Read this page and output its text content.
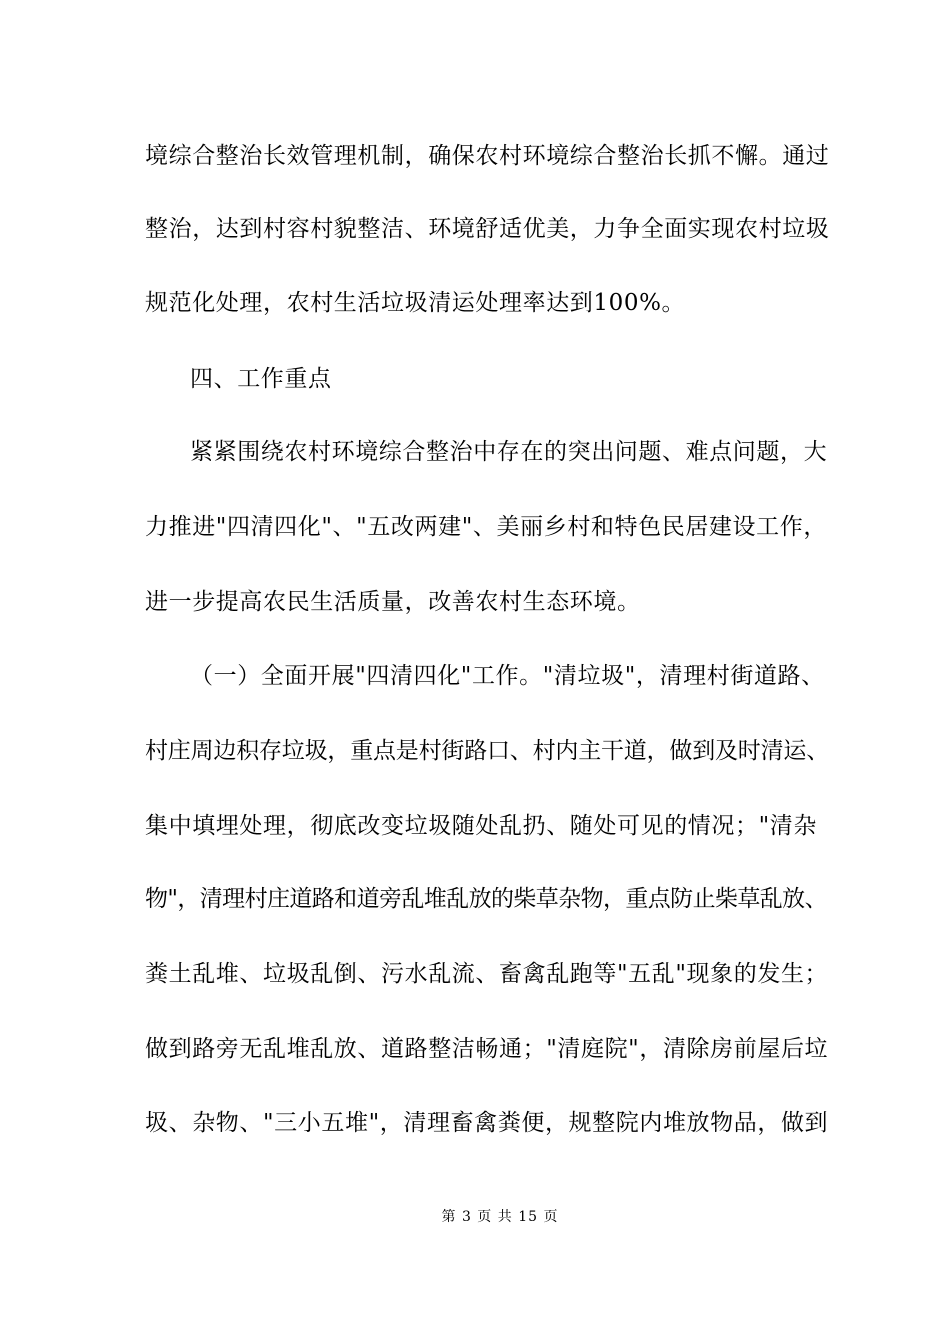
境综合整治长效管理机制，确保农村环境综合整治长抓不懈。通过
整治，达到村容村貌整洁、环境舒适优美，力争全面实现农村垃圾
规范化处理，农村生活垃圾清运处理率达到100%。
四、工作重点
紧紧围绕农村环境综合整治中存在的突出问题、难点问题，大
力推进"四清四化"、"五改两建"、美丽乡村和特色民居建设工作，
进一步提高农民生活质量，改善农村生态环境。
（一）全面开展"四清四化"工作。"清垃圾"，清理村街道路、
村庄周边积存垃圾，重点是村街路口、村内主干道，做到及时清运、
集中填埋处理，彻底改变垃圾随处乱扔、随处可见的情况；"清杂
物"，清理村庄道路和道旁乱堆乱放的柴草杂物，重点防止柴草乱放、
粪土乱堆、垃圾乱倒、污水乱流、畜禽乱跑等"五乱"现象的发生；
做到路旁无乱堆乱放、道路整洁畅通；"清庭院"，清除房前屋后垃
圾、杂物、"三小五堆"，清理畜禽粪便，规整院内堆放物品，做到
第 3 页 共 15 页
